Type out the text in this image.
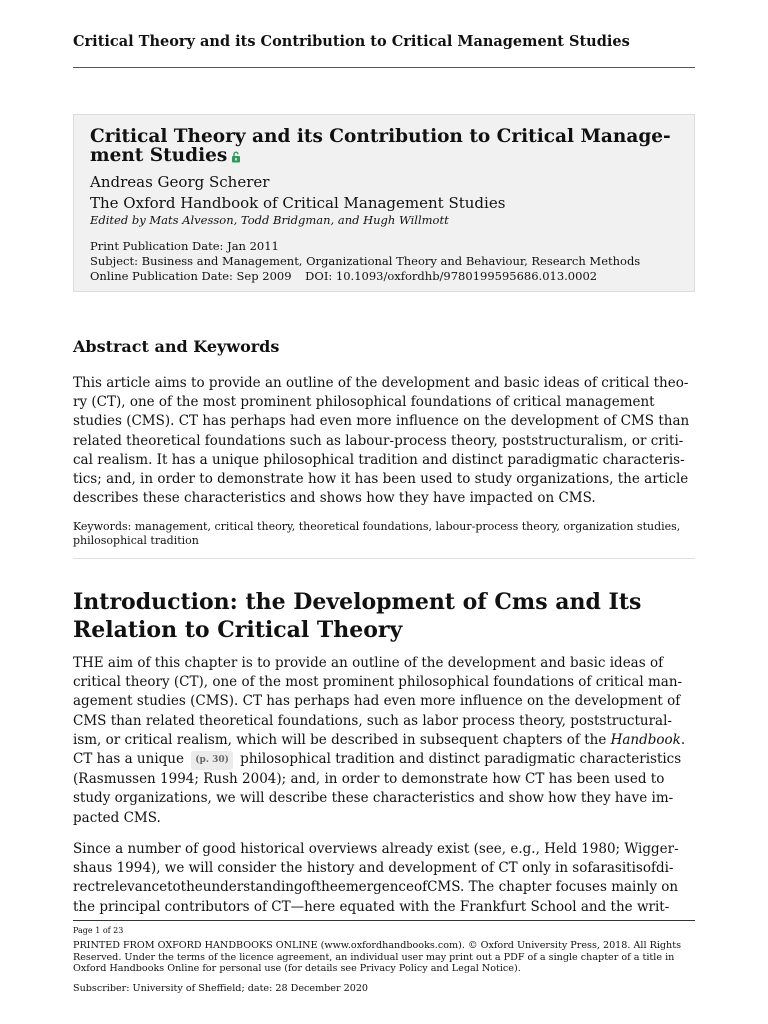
Critical Theory and its Contribution to Critical Management Studies
Critical Theory and its Contribution to Critical Manage-
ment Studies
Andreas Georg Scherer
The Oxford Handbook of Critical Management Studies
Edited by Mats Alvesson, Todd Bridgman, and Hugh Willmott
Print Publication Date: Jan 2011
Subject: Business and Management, Organizational Theory and Behaviour, Research Methods
Online Publication Date: Sep 2009 DOI: 10.1093/oxfordhb/9780199595686.013.0002
Abstract and Keywords

This article aims to provide an outline of the development and basic ideas of critical theo-
ry (CT), one of the most prominent philosophical foundations of critical management
studies (CMS). CT has perhaps had even more influence on the development of CMS than
related theoretical foundations such as labour-process theory, poststructuralism, or criti-
cal realism. It has a unique philosophical tradition and distinct paradigmatic characteris-
tics; and, in order to demonstrate how it has been used to study organizations, the article
describes these characteristics and shows how they have impacted on CMS.

Keywords: management, critical theory, theoretical foundations, labour-process theory, organization studies,
philosophical tradition
Introduction: the Development of Cms and Its
Relation to Critical Theory

THE aim of this chapter is to provide an outline of the development and basic ideas of
critical theory (CT), one of the most prominent philosophical foundations of critical man-
agement studies (CMS). CT has perhaps had even more influence on the development of
CMS than related theoretical foundations, such as labor process theory, poststructural-
ism, or critical realism, which will be described in subsequent chapters of the Handbook.
CT has a unique (p. 30) philosophical tradition and distinct paradigmatic characteristics
(Rasmussen 1994; Rush 2004); and, in order to demonstrate how CT has been used to
study organizations, we will describe these characteristics and show how they have im-
pacted CMS.

Since a number of good historical overviews already exist (see, e.g., Held 1980; Wigger-
shaus 1994), we will consider the history and development of CT only in sofarasitisofdi-
rectrelevancetotheunderstandingoftheemergenceofCMS. The chapter focuses mainly on
the principal contributors of CT—here equated with the Frankfurt School and the writ-

Page 1 of 23
PRINTED FROM OXFORD HANDBOOKS ONLINE (www.oxfordhandbooks.com). © Oxford University Press, 2018. All Rights
Reserved. Under the terms of the licence agreement, an individual user may print out a PDF of a single chapter of a title in
Oxford Handbooks Online for personal use (for details see Privacy Policy and Legal Notice).
Subscriber: University of Sheffield; date: 28 December 2020
